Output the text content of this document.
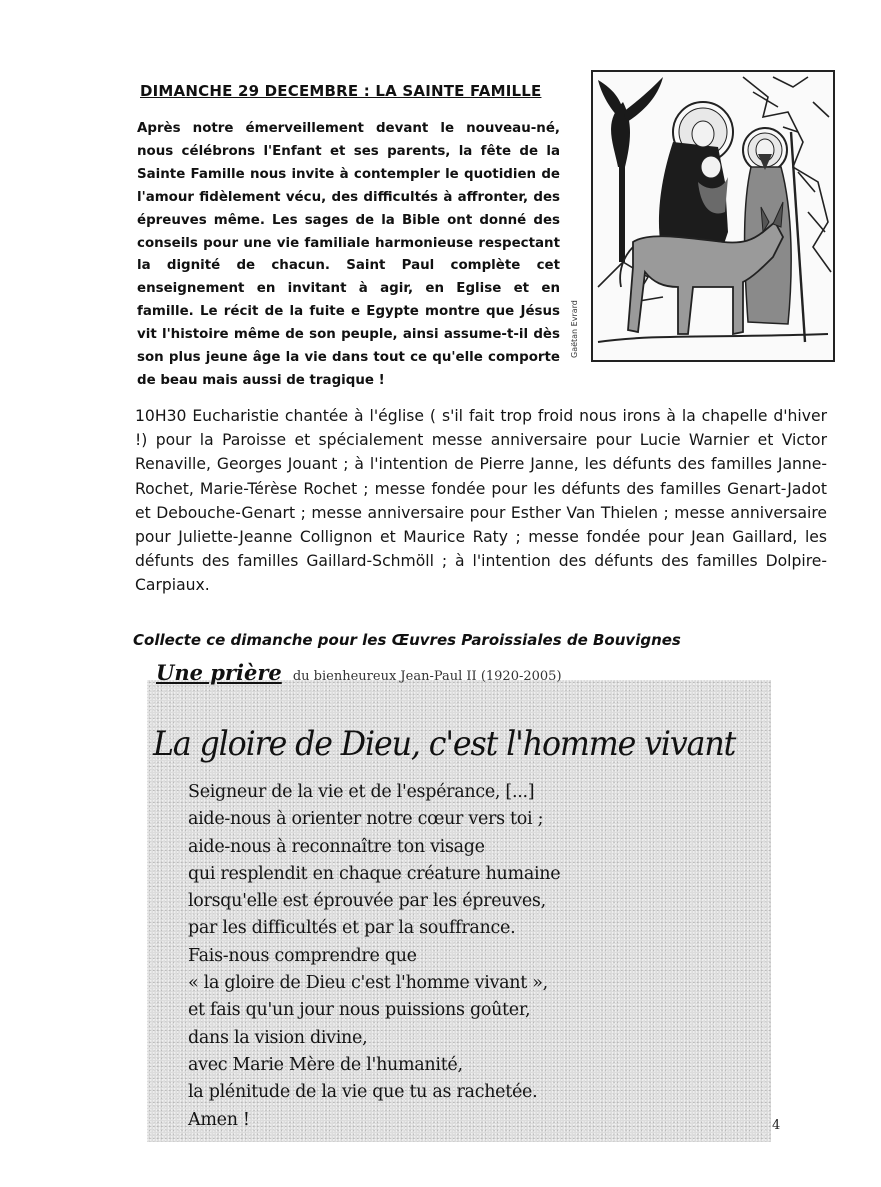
DIMANCHE 29 DECEMBRE : LA SAINTE FAMILLE

Après notre émerveillement devant le nouveau-né, nous célébrons l'Enfant et ses parents, la fête de la Sainte Famille nous invite à contempler le quotidien de l'amour fidèlement vécu, des difficultés à affronter, des épreuves même. Les sages de la Bible ont donné des conseils pour une vie familiale harmonieuse respectant la dignité de chacun. Saint Paul complète cet enseignement en invitant à agir, en Eglise et en famille. Le récit de la fuite e Egypte montre que Jésus vit l'histoire même de son peuple, ainsi assume-t-il dès son plus jeune âge la vie dans tout ce qu'elle comporte de beau mais aussi de tragique !

Gaëtan Evrard

10H30 Eucharistie chantée à l'église ( s'il fait trop froid nous irons à la chapelle d'hiver !) pour la Paroisse et spécialement messe anniversaire pour Lucie Warnier et Victor Renaville, Georges Jouant ; à l'intention de Pierre Janne, les défunts des familles Janne-Rochet, Marie-Térèse Rochet ; messe fondée pour les défunts des familles Genart-Jadot et Debouche-Genart ; messe anniversaire pour Esther Van Thielen ; messe anniversaire pour Juliette-Jeanne Collignon et Maurice Raty ; messe fondée pour Jean Gaillard, les défunts des familles Gaillard-Schmöll ; à l'intention des défunts des familles Dolpire-Carpiaux.

Collecte ce dimanche pour les Œuvres Paroissiales de Bouvignes
Une prière du bienheureux Jean-Paul II (1920-2005)
La gloire de Dieu, c'est l'homme vivant
Seigneur de la vie et de l'espérance, [...]
aide-nous à orienter notre cœur vers toi ;
aide-nous à reconnaître ton visage
qui resplendit en chaque créature humaine
lorsqu'elle est éprouvée par les épreuves,
par les difficultés et par la souffrance.
Fais-nous comprendre que
« la gloire de Dieu c'est l'homme vivant »,
et fais qu'un jour nous puissions goûter,
dans la vision divine,
avec Marie Mère de l'humanité,
la plénitude de la vie que tu as rachetée.
Amen !	4
